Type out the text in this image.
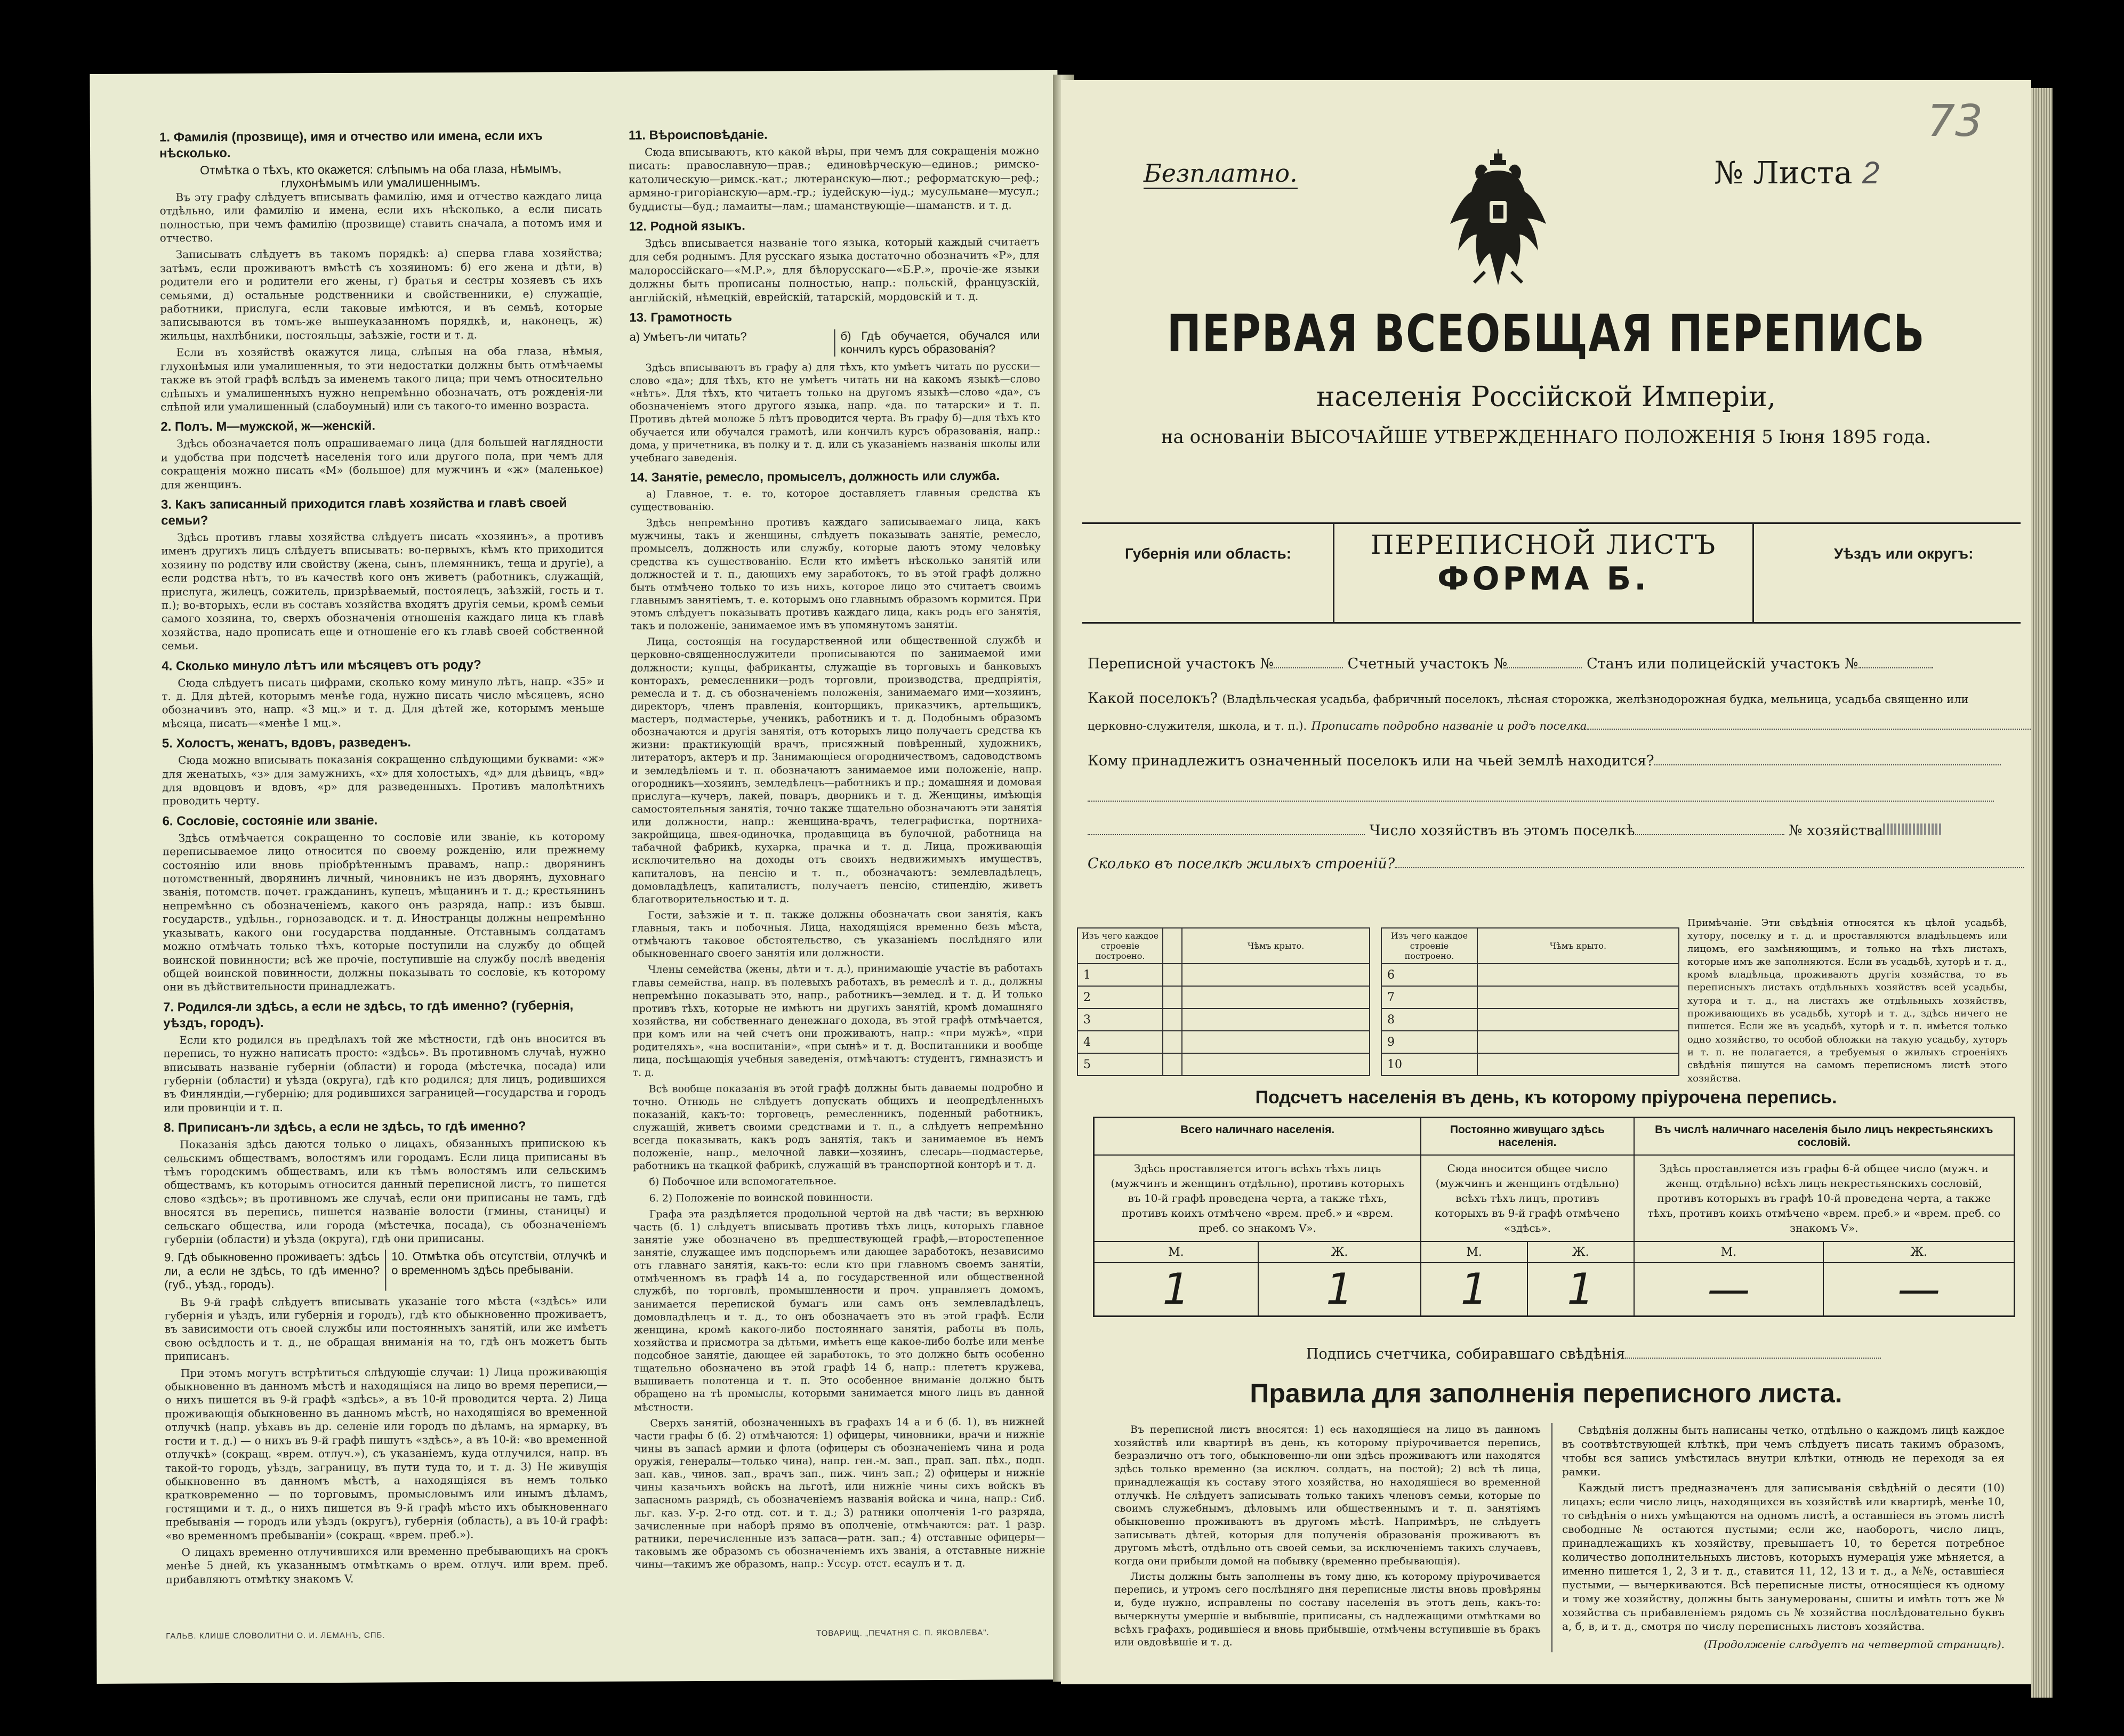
1. Фамилія (прозвище), имя и отчество или имена, если ихъ нѣсколько.
Отмѣтка о тѣхъ, кто окажется: слѣпымъ на оба глаза, нѣмымъ, глухонѣмымъ или умалишеннымъ.

Въ эту графу слѣдуетъ вписывать фамилію, имя и отчество каждаго лица отдѣльно, или фамилію и имена, если ихъ нѣсколько, а если писать полностью, при чемъ фамилію (прозвище) ставить сначала, а потомъ имя и отчество.

Записывать слѣдуетъ въ такомъ порядкѣ: а) сперва глава хозяйства; затѣмъ, если проживаютъ вмѣстѣ съ хозяиномъ: б) его жена и дѣти, в) родители его и родители его жены, г) братья и сестры хозяевъ съ ихъ семьями, д) остальные родственники и свойственники, е) служащіе, работники, прислуга, если таковые имѣются, и въ семьѣ, которые записываются въ томъ-же вышеуказанномъ порядкѣ, и, наконецъ, ж) жильцы, нахлѣбники, постояльцы, заѣзжіе, гости и т. д.

Если въ хозяйствѣ окажутся лица, слѣпыя на оба глаза, нѣмыя, глухонѣмыя или умалишенныя, то эти недостатки должны быть отмѣчаемы также въ этой графѣ вслѣдъ за именемъ такого лица; при чемъ относительно слѣпыхъ и умалишенныхъ нужно непремѣнно обозначать, отъ рожденія-ли слѣпой или умалишенный (слабоумный) или съ такого-то именно возраста.

2. Полъ. М—мужской, ж—женскій.

Здѣсь обозначается полъ опрашиваемаго лица (для большей наглядности и удобства при подсчетѣ населенія того или другого пола, при чемъ для сокращенія можно писать «М» (большое) для мужчинъ и «ж» (маленькое) для женщинъ.

3. Какъ записанный приходится главѣ хозяйства и главѣ своей семьи?

Здѣсь противъ главы хозяйства слѣдуетъ писать «хозяинъ», а противъ именъ другихъ лицъ слѣдуетъ вписывать: во-первыхъ, кѣмъ кто приходится хозяину по родству или свойству (жена, сынъ, племянникъ, теща и другіе), а если родства нѣтъ, то въ качествѣ кого онъ живетъ (работникъ, служащій, прислуга, жилецъ, сожитель, призрѣваемый, постоялецъ, заѣзжій, гость и т. п.); во-вторыхъ, если въ составъ хозяйства входятъ другія семьи, кромѣ семьи самого хозяина, то, сверхъ обозначенія отношенія каждаго лица къ главѣ хозяйства, надо прописать еще и отношеніе его къ главѣ своей собственной семьи.

4. Сколько минуло лѣтъ или мѣсяцевъ отъ роду?

Сюда слѣдуетъ писать цифрами, сколько кому минуло лѣтъ, напр. «35» и т. д. Для дѣтей, которымъ менѣе года, нужно писать число мѣсяцевъ, ясно обозначивъ это, напр. «3 мц.» и т. д. Для дѣтей же, которымъ меньше мѣсяца, писать—«менѣе 1 мц.».

5. Холостъ, женатъ, вдовъ, разведенъ.

Сюда можно вписывать показанія сокращенно слѣдующими буквами: «ж» для женатыхъ, «з» для замужнихъ, «х» для холостыхъ, «д» для дѣвицъ, «вд» для вдовцовъ и вдовъ, «р» для разведенныхъ. Противъ малолѣтнихъ проводить черту.

6. Сословіе, состояніе или званіе.

Здѣсь отмѣчается сокращенно то сословіе или званіе, къ которому переписываемое лицо относится по своему рожденію, или прежнему состоянію или вновь пріобрѣтеннымъ правамъ, напр.: дворянинъ потомственный, дворянинъ личный, чиновникъ не изъ дворянъ, духовнаго званія, потомств. почет. гражданинъ, купецъ, мѣщанинъ и т. д.; крестьянинъ непремѣнно съ обозначеніемъ, какого онъ разряда, напр.: изъ бывш. государств., удѣльн., горнозаводск. и т. д. Иностранцы должны непремѣнно указывать, какого они государства подданные. Отставнымъ солдатамъ можно отмѣчать только тѣхъ, которые поступили на службу до общей воинской повинности; всѣ же прочіе, поступившіе на службу послѣ введенія общей воинской повинности, должны показывать то сословіе, къ которому они въ дѣйствительности принадлежатъ.

7. Родился-ли здѣсь, а если не здѣсь, то гдѣ именно? (губернія, уѣздъ, городъ).

Если кто родился въ предѣлахъ той же мѣстности, гдѣ онъ вносится въ перепись, то нужно написать просто: «здѣсь». Въ противномъ случаѣ, нужно вписывать названіе губерніи (области) и города (мѣстечка, посада) или губерніи (области) и уѣзда (округа), гдѣ кто родился; для лицъ, родившихся въ Финляндіи,—губернію; для родившихся заграницей—государства и городъ или провинціи и т. п.

8. Приписанъ-ли здѣсь, а если не здѣсь, то гдѣ именно?

Показанія здѣсь даются только о лицахъ, обязанныхъ припискою къ сельскимъ обществамъ, волостямъ или городамъ. Если лица приписаны въ тѣмъ городскимъ обществамъ, или къ тѣмъ волостямъ или сельскимъ обществамъ, къ которымъ относится данный переписной листъ, то пишется слово «здѣсь»; въ противномъ же случаѣ, если они приписаны не тамъ, гдѣ вносятся въ перепись, пишется названіе волости (гмины, станицы) и сельскаго общества, или города (мѣстечка, посада), съ обозначеніемъ губерніи (области) и уѣзда (округа), гдѣ они приписаны.

9. Гдѣ обыкновенно проживаетъ: здѣсь ли, а если не здѣсь, то гдѣ именно? (губ., уѣзд., городъ).
10. Отмѣтка объ отсутствіи, отлучкѣ и о временномъ здѣсь пребываніи.

Въ 9-й графѣ слѣдуетъ вписывать указаніе того мѣста («здѣсь» или губернія и уѣздъ, или губернія и городъ), гдѣ кто обыкновенно проживаетъ, въ зависимости отъ своей службы или постоянныхъ занятій, или же имѣетъ свою осѣдлость и т. д., не обращая вниманія на то, гдѣ онъ можетъ быть приписанъ.

При этомъ могутъ встрѣтиться слѣдующіе случаи: 1) Лица проживающія обыкновенно въ данномъ мѣстѣ и находящіяся на лицо во время переписи,—о нихъ пишется въ 9-й графѣ «здѣсь», а въ 10-й проводится черта. 2) Лица проживающія обыкновенно въ данномъ мѣстѣ, но находящіяся во временной отлучкѣ (напр. уѣхавъ въ др. селеніе или городъ по дѣламъ, на ярмарку, въ гости и т. д.) — о нихъ въ 9-й графѣ пишутъ «здѣсь», а въ 10-й: «во временной отлучкѣ» (сокращ. «врем. отлуч.»), съ указаніемъ, куда отлучился, напр. въ такой-то городъ, уѣздъ, заграницу, въ пути туда то, и т. д. 3) Не живущія обыкновенно въ данномъ мѣстѣ, а находящіяся въ немъ только кратковременно — по торговымъ, промысловымъ или инымъ дѣламъ, гостящими и т. д., о нихъ пишется въ 9-й графѣ мѣсто ихъ обыкновеннаго пребыванія — городъ или уѣздъ (округъ), губернія (область), а въ 10-й графѣ: «во временномъ пребываніи» (сокращ. «врем. преб.»).

О лицахъ временно отлучившихся или временно пребывающихъ на срокъ менѣе 5 дней, къ указаннымъ отмѣткамъ о врем. отлуч. или врем. преб. прибавляютъ отмѣтку знакомъ V.

ГАЛЬВ. КЛИШЕ СЛОВОЛИТНИ О. И. ЛЕМАНЪ, СПБ.
11. Вѣроисповѣданіе.

Сюда вписываютъ, кто какой вѣры, при чемъ для сокращенія можно писать: православную—прав.; единовѣрческую—единов.; римско-католическую—римск.-кат.; лютеранскую—лют.; реформатскую—реф.; армяно-григоріанскую—арм.-гр.; іудейскую—іуд.; мусульмане—мусул.; буддисты—буд.; ламаиты—лам.; шаманствующіе—шаманств. и т. д.

12. Родной языкъ.

Здѣсь вписывается названіе того языка, который каждый считаетъ для себя роднымъ. Для русскаго языка достаточно обозначить «Р», для малороссійскаго—«М.Р.», для бѣлорусскаго—«Б.Р.», прочіе-же языки должны быть прописаны полностью, напр.: польскій, французскій, англійскій, нѣмецкій, еврейскій, татарскій, мордовскій и т. д.

13. Грамотность
а) Умѣетъ-ли читать?	б) Гдѣ обучается, обучался или кончилъ курсъ образованія?

Здѣсь вписываютъ въ графу а) для тѣхъ, кто умѣетъ читать по русски—слово «да»; для тѣхъ, кто не умѣетъ читать ни на какомъ языкѣ—слово «нѣтъ». Для тѣхъ, кто читаетъ только на другомъ языкѣ—слово «да», съ обозначеніемъ этого другого языка, напр. «да. по татарски» и т. п. Противъ дѣтей моложе 5 лѣтъ проводится черта. Въ графу б)—для тѣхъ кто обучается или обучался грамотѣ, или кончилъ курсъ образованія, напр.: дома, у причетника, въ полку и т. д. или съ указаніемъ названія школы или учебнаго заведенія.

14. Занятіе, ремесло, промыселъ, должность или служба.

а) Главное, т. е. то, которое доставляетъ главныя средства къ существованію.

Здѣсь непремѣнно противъ каждаго записываемаго лица, какъ мужчины, такъ и женщины, слѣдуетъ показывать занятіе, ремесло, промыселъ, должность или службу, которые даютъ этому человѣку средства къ существованію. Если кто имѣетъ нѣсколько занятій или должностей и т. п., дающихъ ему заработокъ, то въ этой графѣ должно быть отмѣчено только то изъ нихъ, которое лицо это считаетъ своимъ главнымъ занятіемъ, т. е. которымъ оно главнымъ образомъ кормится. При этомъ слѣдуетъ показывать противъ каждаго лица, какъ родъ его занятія, такъ и положеніе, занимаемое имъ въ упомянутомъ занятіи.

Лица, состоящія на государственной или общественной службѣ и церковно-священнослужители прописываются по занимаемой ими должности; купцы, фабриканты, служащіе въ торговыхъ и банковыхъ конторахъ, ремесленники—родъ торговли, производства, предпріятія, ремесла и т. д. съ обозначеніемъ положенія, занимаемаго ими—хозяинъ, директоръ, членъ правленія, конторщикъ, приказчикъ, артельщикъ, мастеръ, подмастерье, ученикъ, работникъ и т. д. Подобнымъ образомъ обозначаются и другія занятія, отъ которыхъ лицо получаетъ средства къ жизни: практикующій врачъ, присяжный повѣренный, художникъ, литераторъ, актеръ и пр. Занимающіеся огородничествомъ, садоводствомъ и земледѣліемъ и т. п. обозначаютъ занимаемое ими положеніе, напр. огородникъ—хозяинъ, земледѣлецъ—работникъ и пр.; домашняя и домовая прислуга—кучеръ, лакей, поваръ, дворникъ и т. д. Женщины, имѣющія самостоятельныя занятія, точно также тщательно обозначаютъ эти занятія или должности, напр.: женщина-врачъ, телеграфистка, портниха-закройщица, швея-одиночка, продавщица въ булочной, работница на табачной фабрикѣ, кухарка, прачка и т. д. Лица, проживающія исключительно на доходы отъ своихъ недвижимыхъ имуществъ, капиталовъ, на пенсію и т. п., обозначаютъ: землевладѣлецъ, домовладѣлецъ, капиталистъ, получаетъ пенсію, стипендію, живетъ благотворительностью и т. д.

Гости, заѣзжіе и т. п. также должны обозначать свои занятія, какъ главныя, такъ и побочныя. Лица, находящіяся временно безъ мѣста, отмѣчаютъ таковое обстоятельство, съ указаніемъ послѣдняго или обыкновеннаго своего занятія или должности.

Члены семейства (жены, дѣти и т. д.), принимающіе участіе въ работахъ главы семейства, напр. въ полевыхъ работахъ, въ ремеслѣ и т. д., должны непремѣнно показывать это, напр., работникъ—землед. и т. д. И только противъ тѣхъ, которые не имѣютъ ни другихъ занятій, кромѣ домашняго хозяйства, ни собственнаго денежнаго дохода, въ этой графѣ отмѣчается, при комъ или на чей счетъ они проживаютъ, напр.: «при мужѣ», «при родителяхъ», «на воспитаніи», «при сынѣ» и т. д. Воспитанники и вообще лица, посѣщающія учебныя заведенія, отмѣчаютъ: студентъ, гимназистъ и т. д.

Всѣ вообще показанія въ этой графѣ должны быть даваемы подробно и точно. Отнюдь не слѣдуетъ допускать общихъ и неопредѣленныхъ показаній, какъ-то: торговецъ, ремесленникъ, поденный работникъ, служащій, живетъ своими средствами и т. п., а слѣдуетъ непремѣнно всегда показывать, какъ родъ занятія, такъ и занимаемое въ немъ положеніе, напр., мелочной лавки—хозяинъ, слесарь—подмастерье, работникъ на ткацкой фабрикѣ, служащій въ транспортной конторѣ и т. д.

б) Побочное или вспомогательное.

6. 2) Положеніе по воинской повинности.

Графа эта раздѣляется продольной чертой на двѣ части; въ верхнюю часть (б. 1) слѣдуетъ вписывать противъ тѣхъ лицъ, которыхъ главное занятіе уже обозначено въ предшествующей графѣ,—второстепенное занятіе, служащее имъ подспорьемъ или дающее заработокъ, независимо отъ главнаго занятія, какъ-то: если кто при главномъ своемъ занятіи, отмѣченномъ въ графѣ 14 а, по государственной или общественной службѣ, по торговлѣ, промышленности и проч. управляетъ домомъ, занимается перепиской бумагъ или самъ онъ землевладѣлецъ, домовладѣлецъ и т. д., то онъ обозначаетъ это въ этой графѣ. Если женщина, кромѣ какого-либо постояннаго занятія, работы въ поль, хозяйства и присмотра за дѣтьми, имѣетъ еще какое-либо болѣе или менѣе подсобное занятіе, дающее ей заработокъ, то это должно быть особенно тщательно обозначено въ этой графѣ 14 б, напр.: плететъ кружева, вышиваетъ полотенца и т. п. Это особенное вниманіе должно быть обращено на тѣ промыслы, которыми занимается много лицъ въ данной мѣстности.

Сверхъ занятій, обозначенныхъ въ графахъ 14 а и б (б. 1), въ нижней части графы б (б. 2) отмѣчаются: 1) офицеры, чиновники, врачи и нижніе чины въ запасѣ армии и флота (офицеры съ обозначеніемъ чина и рода оружія, генералы—только чина), напр. ген.-м. зап., прап. зап. пѣх., подп. зап. кав., чинов. зап., врачъ зап., пиж. чинъ зап.; 2) офицеры и нижніе чины казачьихъ войскъ на льготѣ, или нижніе чины сихъ войскъ въ запасномъ разрядѣ, съ обозначеніемъ названія войска и чина, напр.: Сиб. льг. каз. У-р. 2-го отд. сот. и т. д.; 3) ратники ополченія 1-го разряда, зачисленные при наборѣ прямо въ ополченіе, отмѣчаются: рат. 1 разр. ратники, перечисленные изъ запаса—ратн. зап.; 4) отставные офицеры—таковымъ же образомъ съ обозначеніемъ ихъ званія, а отставные нижніе чины—такимъ же образомъ, напр.: Уссур. отст. есаулъ и т. д.

ТОВАРИЩ. „ПЕЧАТНЯ С. П. ЯКОВЛЕВА".
73
Безплатно.	№ Листа 2
ПЕРВАЯ ВСЕОБЩАЯ ПЕРЕПИСЬ
населенія Россійской Имперіи,
на основаніи ВЫСОЧАЙШЕ УТВЕРЖДЕННАГО ПОЛОЖЕНІЯ 5 Іюня 1895 года.
Губернія или область:	ПЕРЕПИСНОЙ ЛИСТЪ
ФОРМА Б.
Уѣздъ или округъ:
Переписной участокъ №	Счетный участокъ №	Станъ или полицейскій участокъ №
Какой поселокъ? (Владѣльческая усадьба, фабричный поселокъ, лѣсная сторожка, желѣзнодорожная будка, мельница, усадьба священно или
церковно-служителя, школа, и т. п.). Прописать подробно названіе и родъ поселка
Кому принадлежитъ означенный поселокъ или на чьей землѣ находится?
Число хозяйствъ въ этомъ поселкѣ	№ хозяйства
Сколько въ поселкѣ жилыхъ строеній?
Изъ чего каждое строеніе построено.		Чѣмъ крыто.
1		
2		
3		
4		
5		
Изъ чего каждое строеніе построено.	Чѣмъ крыто.
6	
7	
8	
9	
10	
Примѣчаніе. Эти свѣдѣнія относятся къ цѣлой усадьбѣ, хутору, поселку и т. д. и проставляются владѣльцемъ или лицомъ, его замѣняющимъ, и только на тѣхъ листахъ, которые имъ же заполняются. Если въ усадьбѣ, хуторѣ и т. д., кромѣ владѣльца, проживаютъ другія хозяйства, то въ переписныхъ листахъ отдѣльныхъ хозяйствъ всей усадьбы, хутора и т. д., на листахъ же отдѣльныхъ хозяйствъ, проживающихъ въ усадьбѣ, хуторѣ и т. д., здѣсь ничего не пишется. Если же въ усадьбѣ, хуторѣ и т. п. имѣется только одно хозяйство, то особой обложки на такую усадьбу, хуторъ и т. п. не полагается, а требуемыя о жилыхъ строеніяхъ свѣдѣнія пишутся на самомъ переписномъ листѣ этого хозяйства.
Подсчетъ населенія въ день, къ которому пріурочена перепись.
Всего наличнаго населенія.		Постоянно живущаго здѣсь населенія.		Въ числѣ наличнаго населенія было лицъ некрестьянскихъ сословій.	
Здѣсь проставляется итогъ всѣхъ тѣхъ лицъ (мужчинъ и женщинъ отдѣльно), противъ которыхъ въ 10-й графѣ проведена черта, а также тѣхъ, противъ коихъ отмѣчено «врем. преб.» и «врем. преб. со знакомъ V».		Сюда вносится общее число (мужчинъ и женщинъ отдѣльно) всѣхъ тѣхъ лицъ, противъ которыхъ въ 9-й графѣ отмѣчено «здѣсь».		Здѣсь проставляется изъ графы 6-й общее число (мужч. и женщ. отдѣльно) всѣхъ лицъ некрестьянскихъ сословій, противъ которыхъ въ графѣ 10-й проведена черта, а также тѣхъ, противъ коихъ отмѣчено «врем. преб.» и «врем. преб. со знакомъ V».	
М.	Ж.	М.	Ж.	М.	Ж.
1	1	1	1	—	—
Подпись счетчика, собиравшаго свѣдѣнія
Правила для заполненія переписного листа.

Въ переписной листъ вносятся: 1) есь находящіеся на лицо въ данномъ хозяйствѣ или квартирѣ въ день, къ которому пріурочивается перепись, безразлично отъ того, обыкновенно-ли они здѣсь проживаютъ или находятся здѣсь только временно (за исключ. солдатъ, на постой); 2) всѣ тѣ лица, принадлежащія къ составу этого хозяйства, но находящіеся во временной отлучкѣ. Не слѣдуетъ записывать только такихъ членовъ семьи, которые по своимъ служебнымъ, дѣловымъ или общественнымъ и т. п. занятіямъ обыкновенно проживаютъ въ другомъ мѣстѣ. Напримѣръ, не слѣдуетъ записывать дѣтей, которыя для полученія образованія проживаютъ въ другомъ мѣстѣ, отдѣльно отъ своей семьи, за исключеніемъ такихъ случаевъ, когда они прибыли домой на побывку (временно пребывающія).

Листы должны быть заполнены въ тому дню, къ которому пріурочивается перепись, и утромъ сего послѣдняго дня переписные листы вновь провѣряны и, буде нужно, исправлены по составу населенія въ этотъ день, какъ-то: вычеркнуты умершіе и выбывшіе, приписаны, съ надлежащими отмѣтками во всѣхъ графахъ, родившіеся и вновь прибывшіе, отмѣчены вступившіе въ бракъ или овдовѣвшіе и т. д.

Свѣдѣнія должны быть написаны четко, отдѣльно о каждомъ лицѣ каждое въ соотвѣтствующей клѣткѣ, при чемъ слѣдуетъ писать такимъ образомъ, чтобы вся запись умѣстилась внутри клѣтки, отнюдь не переходя за ея рамки.

Каждый листъ предназначенъ для записыванія свѣдѣній о десяти (10) лицахъ; если число лицъ, находящихся въ хозяйствѣ или квартирѣ, менѣе 10, то свѣдѣнія о нихъ умѣщаются на одномъ листѣ, а оставшіеся въ этомъ листѣ свободные № остаются пустыми; если же, наоборотъ, число лицъ, принадлежащихъ къ хозяйству, превышаетъ 10, то берется потребное количество дополнительныхъ листовъ, которыхъ нумерація уже мѣняется, а именно пишется 1, 2, 3 и т. д., ставится 11, 12, 13 и т. д., а №№, оставшіеся пустыми, — вычеркиваются. Всѣ переписные листы, относящіеся къ одному и тому же хозяйству, должны быть занумерованы, сшиты и имѣть тотъ же № хозяйства съ прибавленіемъ рядомъ съ № хозяйства послѣдовательно буквъ а, б, в, и т. д., смотря по числу переписныхъ листовъ хозяйства.

(Продолженіе слѣдуетъ на четвертой страницѣ).
